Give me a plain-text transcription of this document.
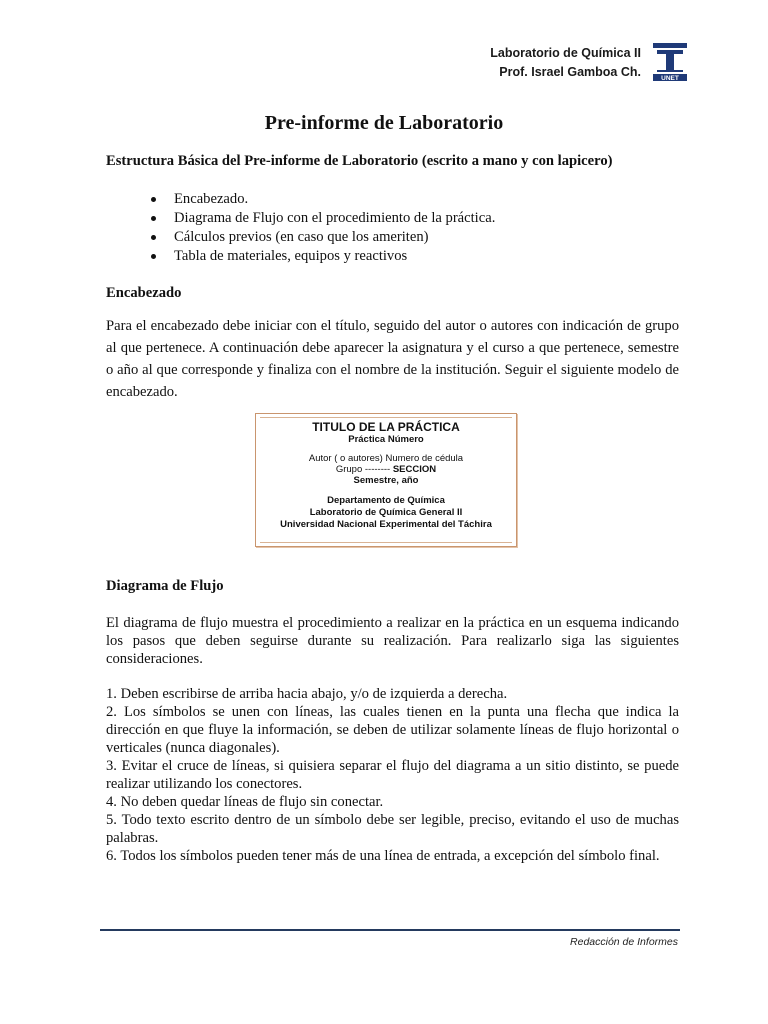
Laboratorio de Química II
Prof. Israel Gamboa Ch.	UNET
Pre-informe de Laboratorio
Estructura Básica del Pre-informe de Laboratorio (escrito a mano y con lapicero)
Encabezado.
Diagrama de Flujo con el procedimiento de la práctica.
Cálculos previos (en caso que los ameriten)
Tabla de materiales, equipos y reactivos
Encabezado

Para el encabezado debe iniciar con el título, seguido del autor o autores con indicación de grupo al que pertenece. A continuación debe aparecer la asignatura y el curso a que pertenece, semestre o año al que corresponde y finaliza con el nombre de la institución. Seguir el siguiente modelo de encabezado.

TITULO DE LA PRÁCTICA
Práctica Número
Autor ( o autores) Numero de cédula
Grupo -------- SECCION
Semestre, año
Departamento de Química
Laboratorio de Química General II
Universidad Nacional Experimental del Táchira
Diagrama de Flujo

El diagrama de flujo muestra el procedimiento a realizar en la práctica en un esquema indicando los pasos que deben seguirse durante su realización. Para realizarlo siga las siguientes consideraciones.

1. Deben escribirse de arriba hacia abajo, y/o de izquierda a derecha.
2. Los símbolos se unen con líneas, las cuales tienen en la punta una flecha que indica la dirección en que fluye la información, se deben de utilizar solamente líneas de flujo horizontal o verticales (nunca diagonales).
3. Evitar el cruce de líneas, si quisiera separar el flujo del diagrama a un sitio distinto, se puede realizar utilizando los conectores.
4. No deben quedar líneas de flujo sin conectar.
5. Todo texto escrito dentro de un símbolo debe ser legible, preciso, evitando el uso de muchas palabras.
6. Todos los símbolos pueden tener más de una línea de entrada, a excepción del símbolo final.
Redacción de Informes
